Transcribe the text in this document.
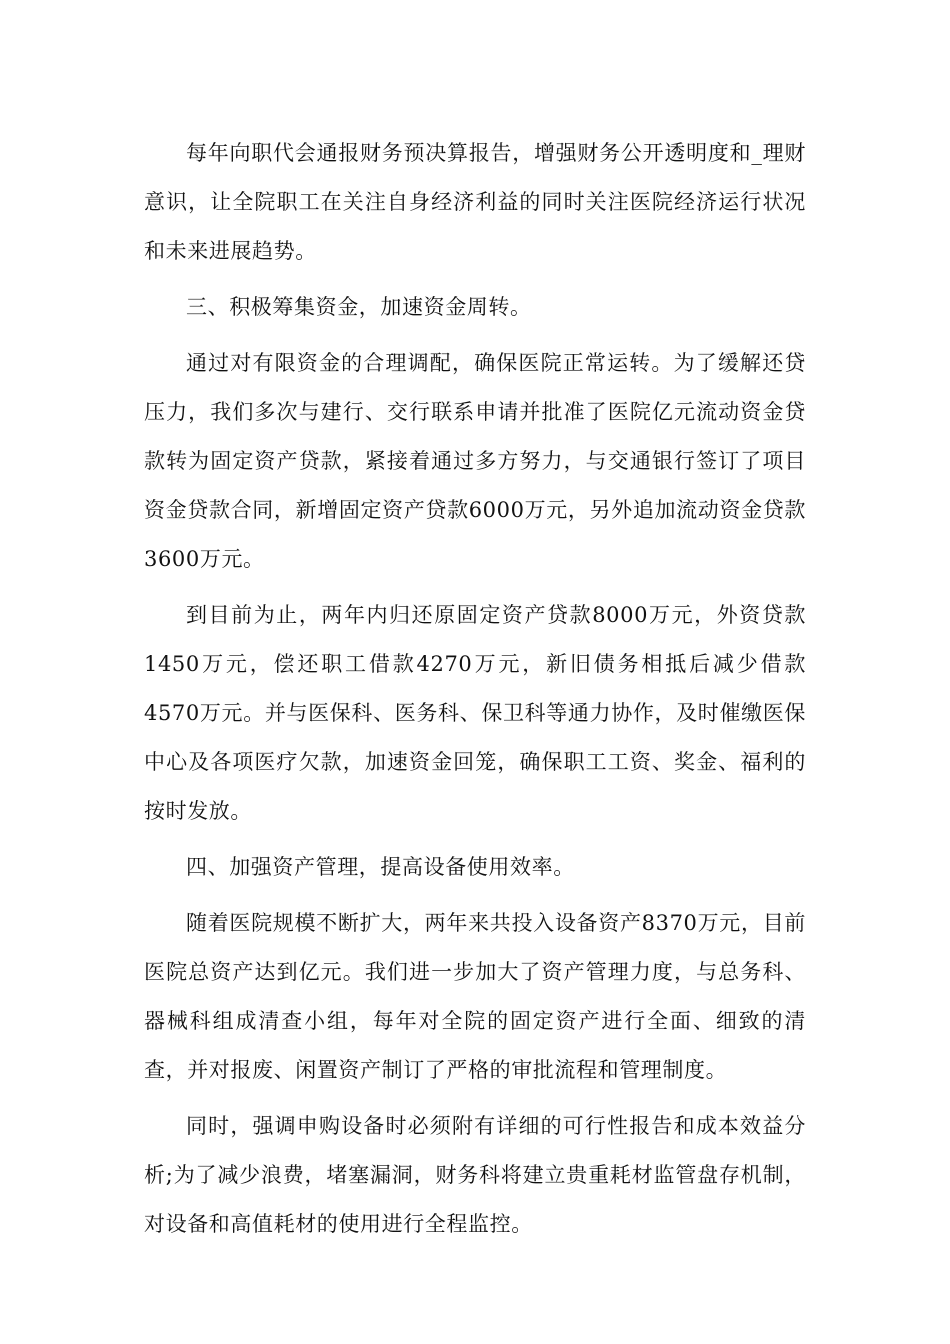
每年向职代会通报财务预决算报告，增强财务公开透明度和_理财意识，让全院职工在关注自身经济利益的同时关注医院经济运行状况和未来进展趋势。

三、积极筹集资金，加速资金周转。

通过对有限资金的合理调配，确保医院正常运转。为了缓解还贷压力，我们多次与建行、交行联系申请并批准了医院亿元流动资金贷款转为固定资产贷款，紧接着通过多方努力，与交通银行签订了项目资金贷款合同，新增固定资产贷款6000万元，另外追加流动资金贷款3600万元。

到目前为止，两年内归还原固定资产贷款8000万元，外资贷款1450万元，偿还职工借款4270万元，新旧债务相抵后减少借款4570万元。并与医保科、医务科、保卫科等通力协作，及时催缴医保中心及各项医疗欠款，加速资金回笼，确保职工工资、奖金、福利的按时发放。

四、加强资产管理，提高设备使用效率。

随着医院规模不断扩大，两年来共投入设备资产8370万元，目前医院总资产达到亿元。我们进一步加大了资产管理力度，与总务科、器械科组成清查小组，每年对全院的固定资产进行全面、细致的清查，并对报废、闲置资产制订了严格的审批流程和管理制度。

同时，强调申购设备时必须附有详细的可行性报告和成本效益分析;为了减少浪费，堵塞漏洞，财务科将建立贵重耗材监管盘存机制，对设备和高值耗材的使用进行全程监控。
